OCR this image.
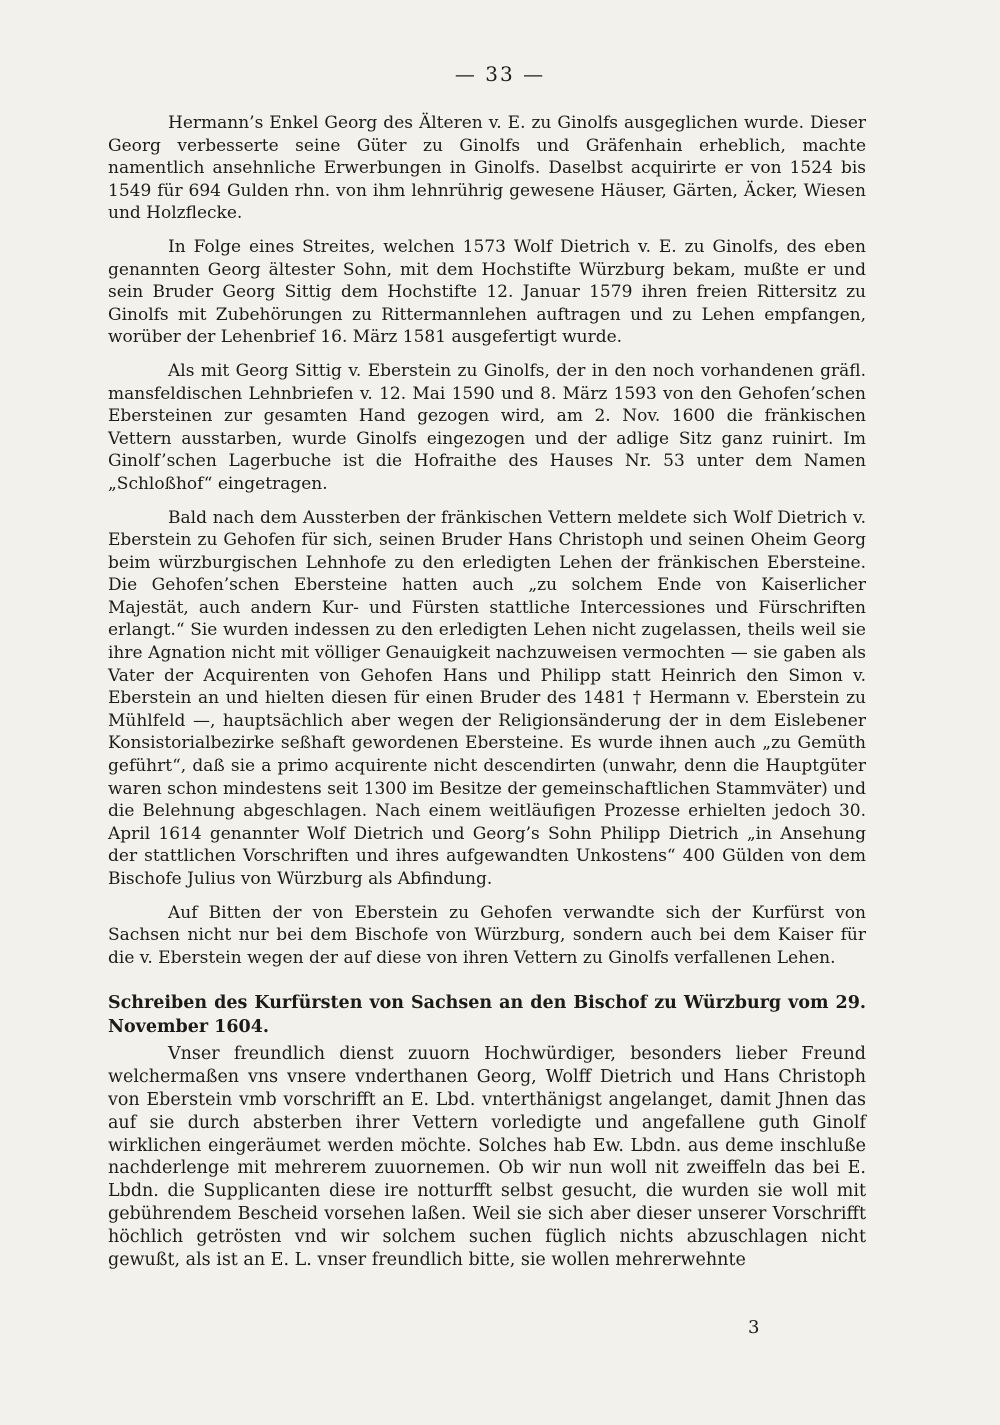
— 33 —

Hermann’s Enkel Georg des Älteren v. E. zu Ginolfs ausgeglichen wurde. Dieser Georg verbesserte seine Güter zu Ginolfs und Gräfenhain erheblich, machte namentlich ansehnliche Erwerbungen in Ginolfs. Daselbst acquirirte er von 1524 bis 1549 für 694 Gulden rhn. von ihm lehnrührig gewesene Häuser, Gärten, Äcker, Wiesen und Holzflecke.

In Folge eines Streites, welchen 1573 Wolf Dietrich v. E. zu Ginolfs, des eben genannten Georg ältester Sohn, mit dem Hochstifte Würzburg bekam, mußte er und sein Bruder Georg Sittig dem Hochstifte 12. Januar 1579 ihren freien Rittersitz zu Ginolfs mit Zubehörungen zu Rittermannlehen auftragen und zu Lehen empfangen, worüber der Lehenbrief 16. März 1581 ausgefertigt wurde.

Als mit Georg Sittig v. Eberstein zu Ginolfs, der in den noch vorhandenen gräfl. mansfeldischen Lehnbriefen v. 12. Mai 1590 und 8. März 1593 von den Gehofen’schen Ebersteinen zur gesamten Hand gezogen wird, am 2. Nov. 1600 die fränkischen Vettern ausstarben, wurde Ginolfs eingezogen und der adlige Sitz ganz ruinirt. Im Ginolf’schen Lagerbuche ist die Hofraithe des Hauses Nr. 53 unter dem Namen „Schloßhof“ eingetragen.

Bald nach dem Aussterben der fränkischen Vettern meldete sich Wolf Dietrich v. Eberstein zu Gehofen für sich, seinen Bruder Hans Christoph und seinen Oheim Georg beim würzburgischen Lehnhofe zu den erledigten Lehen der fränkischen Ebersteine. Die Gehofen’schen Ebersteine hatten auch „zu solchem Ende von Kaiserlicher Majestät, auch andern Kur- und Fürsten stattliche Intercessiones und Fürschriften erlangt.“ Sie wurden indessen zu den erledigten Lehen nicht zugelassen, theils weil sie ihre Agnation nicht mit völliger Genauigkeit nachzuweisen vermochten — sie gaben als Vater der Acquirenten von Gehofen Hans und Philipp statt Heinrich den Simon v. Eberstein an und hielten diesen für einen Bruder des 1481 † Hermann v. Eberstein zu Mühlfeld —, hauptsächlich aber wegen der Religionsänderung der in dem Eislebener Konsistorialbezirke seßhaft gewordenen Ebersteine. Es wurde ihnen auch „zu Gemüth geführt“, daß sie a primo acquirente nicht descendirten (unwahr, denn die Hauptgüter waren schon mindestens seit 1300 im Besitze der gemeinschaftlichen Stammväter) und die Belehnung abgeschlagen. Nach einem weitläufigen Prozesse erhielten jedoch 30. April 1614 genannter Wolf Dietrich und Georg’s Sohn Philipp Dietrich „in Ansehung der stattlichen Vorschriften und ihres aufgewandten Unkostens“ 400 Gülden von dem Bischofe Julius von Würzburg als Abfindung.

Auf Bitten der von Eberstein zu Gehofen verwandte sich der Kurfürst von Sachsen nicht nur bei dem Bischofe von Würzburg, sondern auch bei dem Kaiser für die v. Eberstein wegen der auf diese von ihren Vettern zu Ginolfs verfallenen Lehen.

Schreiben des Kurfürsten von Sachsen an den Bischof zu Würzburg vom 29. November 1604.

Vnser freundlich dienst zuuorn Hochwürdiger, besonders lieber Freund welchermaßen vns vnsere vnderthanen Georg, Wolff Dietrich und Hans Christoph von Eberstein vmb vorschrifft an E. Lbd. vnterthänigst angelanget, damit Jhnen das auf sie durch absterben ihrer Vettern vorledigte und angefallene guth Ginolf wirklichen eingeräumet werden möchte. Solches hab Ew. Lbdn. aus deme inschluße nachderlenge mit mehrerem zuuornemen. Ob wir nun woll nit zweiffeln das bei E. Lbdn. die Supplicanten diese ire notturfft selbst gesucht, die wurden sie woll mit gebührendem Bescheid vorsehen laßen. Weil sie sich aber dieser unserer Vorschrifft höchlich getrösten vnd wir solchem suchen füglich nichts abzuschlagen nicht gewußt, als ist an E. L. vnser freundlich bitte, sie wollen mehrerwehnte

3
